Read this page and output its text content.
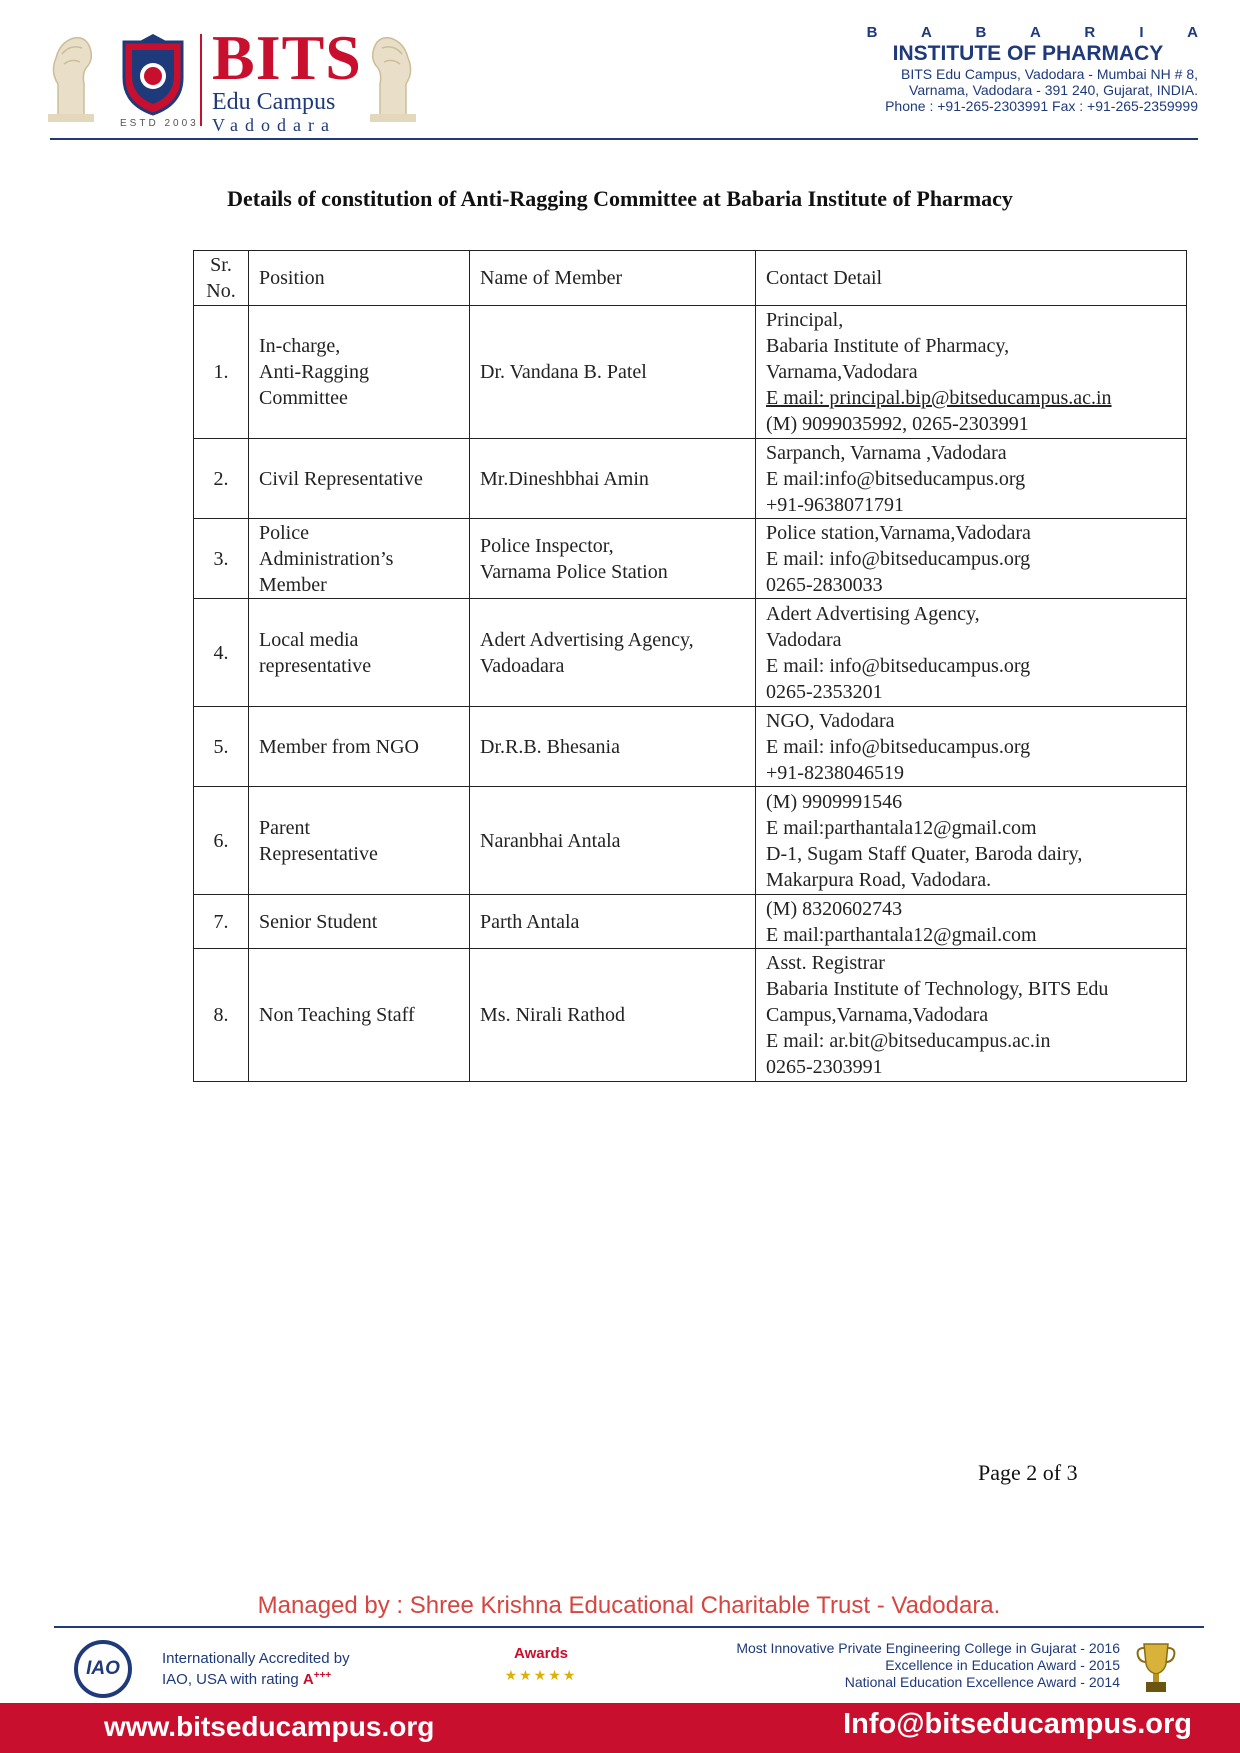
ESTD 2003
BITS
Edu Campus
Vadodara
B A B A R I A
INSTITUTE OF PHARMACY
BITS Edu Campus, Vadodara - Mumbai NH # 8,
Varnama, Vadodara - 391 240, Gujarat, INDIA.
Phone : +91-265-2303991 Fax : +91-265-2359999
Details of constitution of Anti-Ragging Committee at Babaria Institute of Pharmacy
Sr.
No.	Position	Name of Member	Contact Detail
1.	In-charge,
Anti-Ragging
Committee	Dr. Vandana B. Patel	Principal,
Babaria Institute of Pharmacy,
Varnama,Vadodara
E mail: principal.bip@bitseducampus.ac.in
(M) 9099035992, 0265-2303991

2.	Civil Representative	Mr.Dineshbhai Amin	Sarpanch, Varnama ,Vadodara
E mail:info@bitseducampus.org
+91-9638071791

3.	Police
Administration’s
Member	Police Inspector,
Varnama Police Station	Police station,Varnama,Vadodara
E mail: info@bitseducampus.org
0265-2830033

4.	Local media
representative	Adert Advertising Agency,
Vadoadara	Adert Advertising Agency,
Vadodara
E mail: info@bitseducampus.org
0265-2353201

5.	Member from NGO	Dr.R.B. Bhesania	NGO, Vadodara
E mail: info@bitseducampus.org
+91-8238046519

6.	Parent
Representative	Naranbhai Antala	(M) 9909991546
E mail:parthantala12@gmail.com
D-1, Sugam Staff Quater, Baroda dairy,
Makarpura Road, Vadodara.

7.	Senior Student	Parth Antala	(M) 8320602743
E mail:parthantala12@gmail.com

8.	Non Teaching Staff	Ms. Nirali Rathod	Asst. Registrar
Babaria Institute of Technology, BITS Edu
Campus,Varnama,Vadodara
E mail: ar.bit@bitseducampus.ac.in
0265-2303991
Page 2 of 3
Managed by : Shree Krishna Educational Charitable Trust - Vadodara.
IAO	Internationally Accredited by
IAO, USA with rating A+++
Awards
★★★★★
Most Innovative Private Engineering College in Gujarat - 2016
Excellence in Education Award - 2015
National Education Excellence Award - 2014
www.bitseducampus.org	Info@bitseducampus.org
